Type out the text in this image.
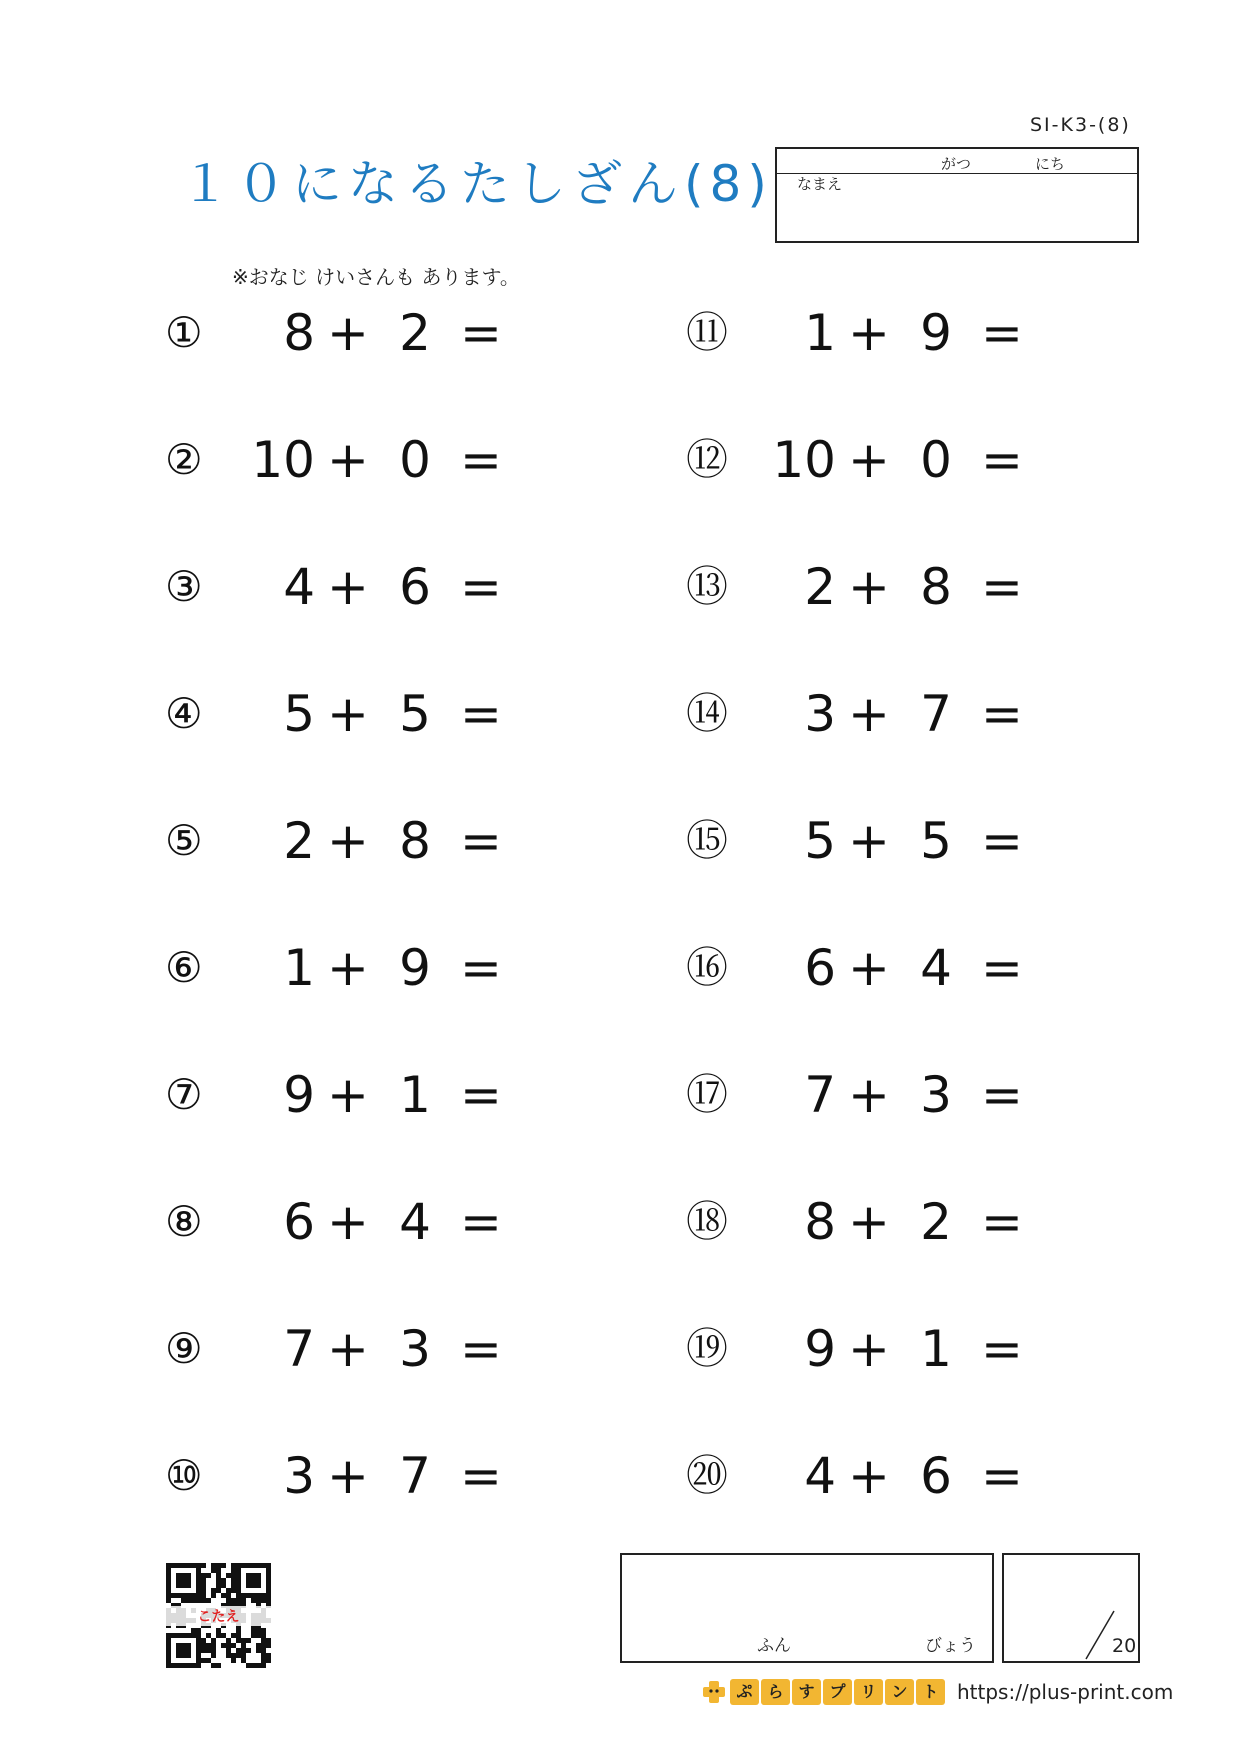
SI-K3-(8)
１０になるたしざん(8)	がつ	にち
なまえ
※おなじ けいさんも あります。
①	8 + 2 =
② 10 + 0 =
③	4 + 6 =
④	5 + 5 =
⑤	2 + 8 =
⑥	1 + 9 =
⑦	9 + 1 =
⑧	6 + 4 =
⑨	7 + 3 =
⑩	3 + 7 =
⑪	1 + 9 =
⑫ 10 + 0 =
⑬	2 + 8 =
⑭	3 + 7 =
⑮	5 + 5 =
⑯	6 + 4 =
⑰	7 + 3 =
⑱	8 + 2 =
⑲	9 + 1 =
⑳	4 + 6 =
こたえ
ふん	びょう	20
ぷ ら す プ リ ン ト https://plus-print.com
